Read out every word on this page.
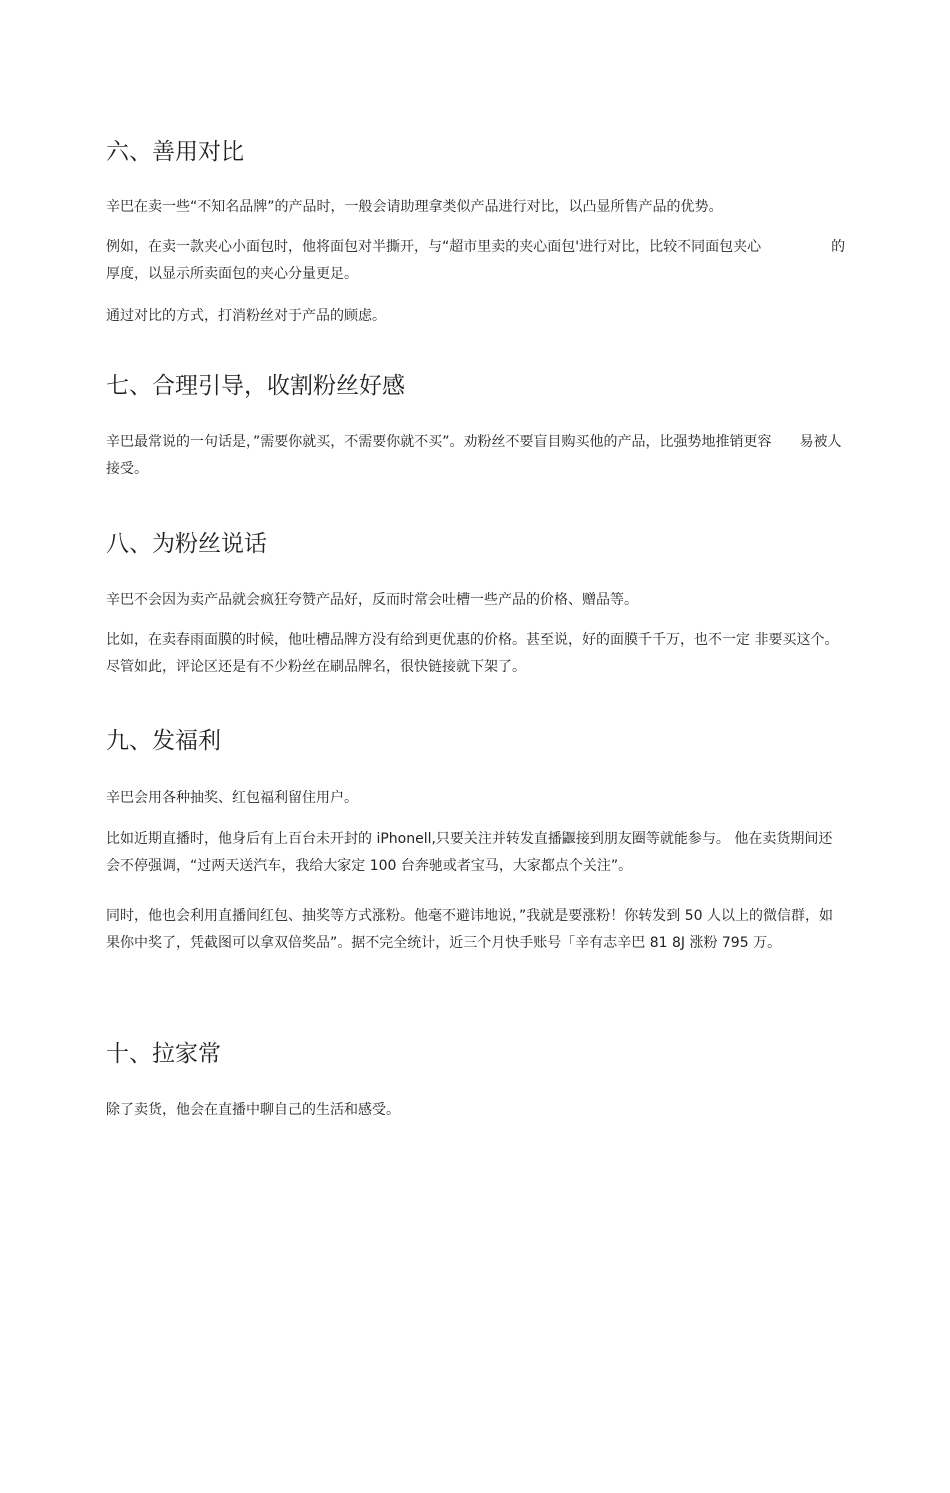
六、善用对比

辛巴在卖一些“不知名品牌”的产品时，一般会请助理拿类似产品进行对比，以凸显所售产品的优势。

例如，在卖一款夹心小面包时，他将面包对半撕开，与“超市里卖的夹心面包'进行对比，比较不同面包夹心　　　　　的厚度，以显示所卖面包的夹心分量更足。

通过对比的方式，打消粉丝对于产品的顾虑。

七、合理引导，收割粉丝好感

辛巴最常说的一句话是，”需要你就买，不需要你就不买”。劝粉丝不要盲目购买他的产品，比强势地推销更容　　易被人接受。

八、为粉丝说话

辛巴不会因为卖产品就会疯狂夸赞产品好，反而时常会吐槽一些产品的价格、赠品等。

比如，在卖春雨面膜的时候，他吐槽品牌方没有给到更优惠的价格。甚至说，好的面膜千千万，也不一定 非要买这个。尽管如此，评论区还是有不少粉丝在刷品牌名，很快链接就下架了。

九、发福利

辛巴会用各种抽奖、红包福利留住用户。

比如近期直播时，他身后有上百台未开封的 iPhonell,只要关注并转发直播鼴接到朋友圈等就能参与。 他在卖货期间还会不停强调，“过两天送汽车，我给大家定 100 台奔驰或者宝马，大家都点个关注”。

同时，他也会利用直播间红包、抽奖等方式涨粉。他毫不避讳地说，”我就是要涨粉！你转发到 50 人以上的微信群，如果你中奖了，凭截图可以拿双倍奖品”。据不完全统计，近三个月快手账号「辛有志辛巴 81 8J 涨粉 795 万。

十、拉家常

除了卖货，他会在直播中聊自己的生活和感受。
